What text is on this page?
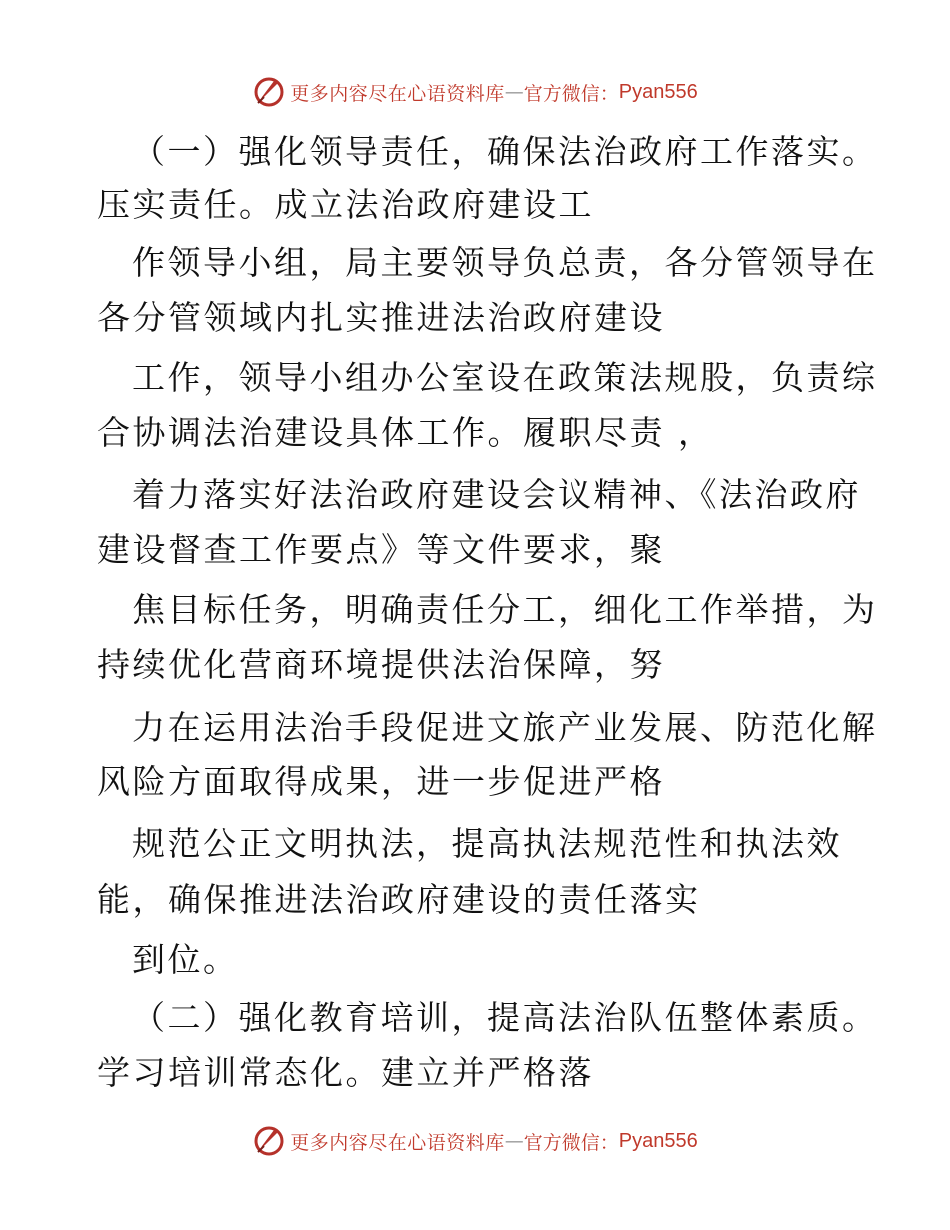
更多内容尽在心语资料库 — 官方微信： Pyan556
（一）强化领导责任，确保法治政府工作落实。
压实责任。成立法治政府建设工
作领导小组，局主要领导负总责，各分管领导在
各分管领域内扎实推进法治政府建设
工作，领导小组办公室设在政策法规股，负责综
合协调法治建设具体工作。履职尽责 ，
着力落实好法治政府建设会议精神、《法治政府
建设督查工作要点》等文件要求，聚
焦目标任务，明确责任分工，细化工作举措，为
持续优化营商环境提供法治保障，努
力在运用法治手段促进文旅产业发展、防范化解
风险方面取得成果，进一步促进严格
规范公正文明执法，提高执法规范性和执法效
能，确保推进法治政府建设的责任落实
到位。
（二）强化教育培训，提高法治队伍整体素质。
学习培训常态化。建立并严格落
更多内容尽在心语资料库 — 官方微信： Pyan556
